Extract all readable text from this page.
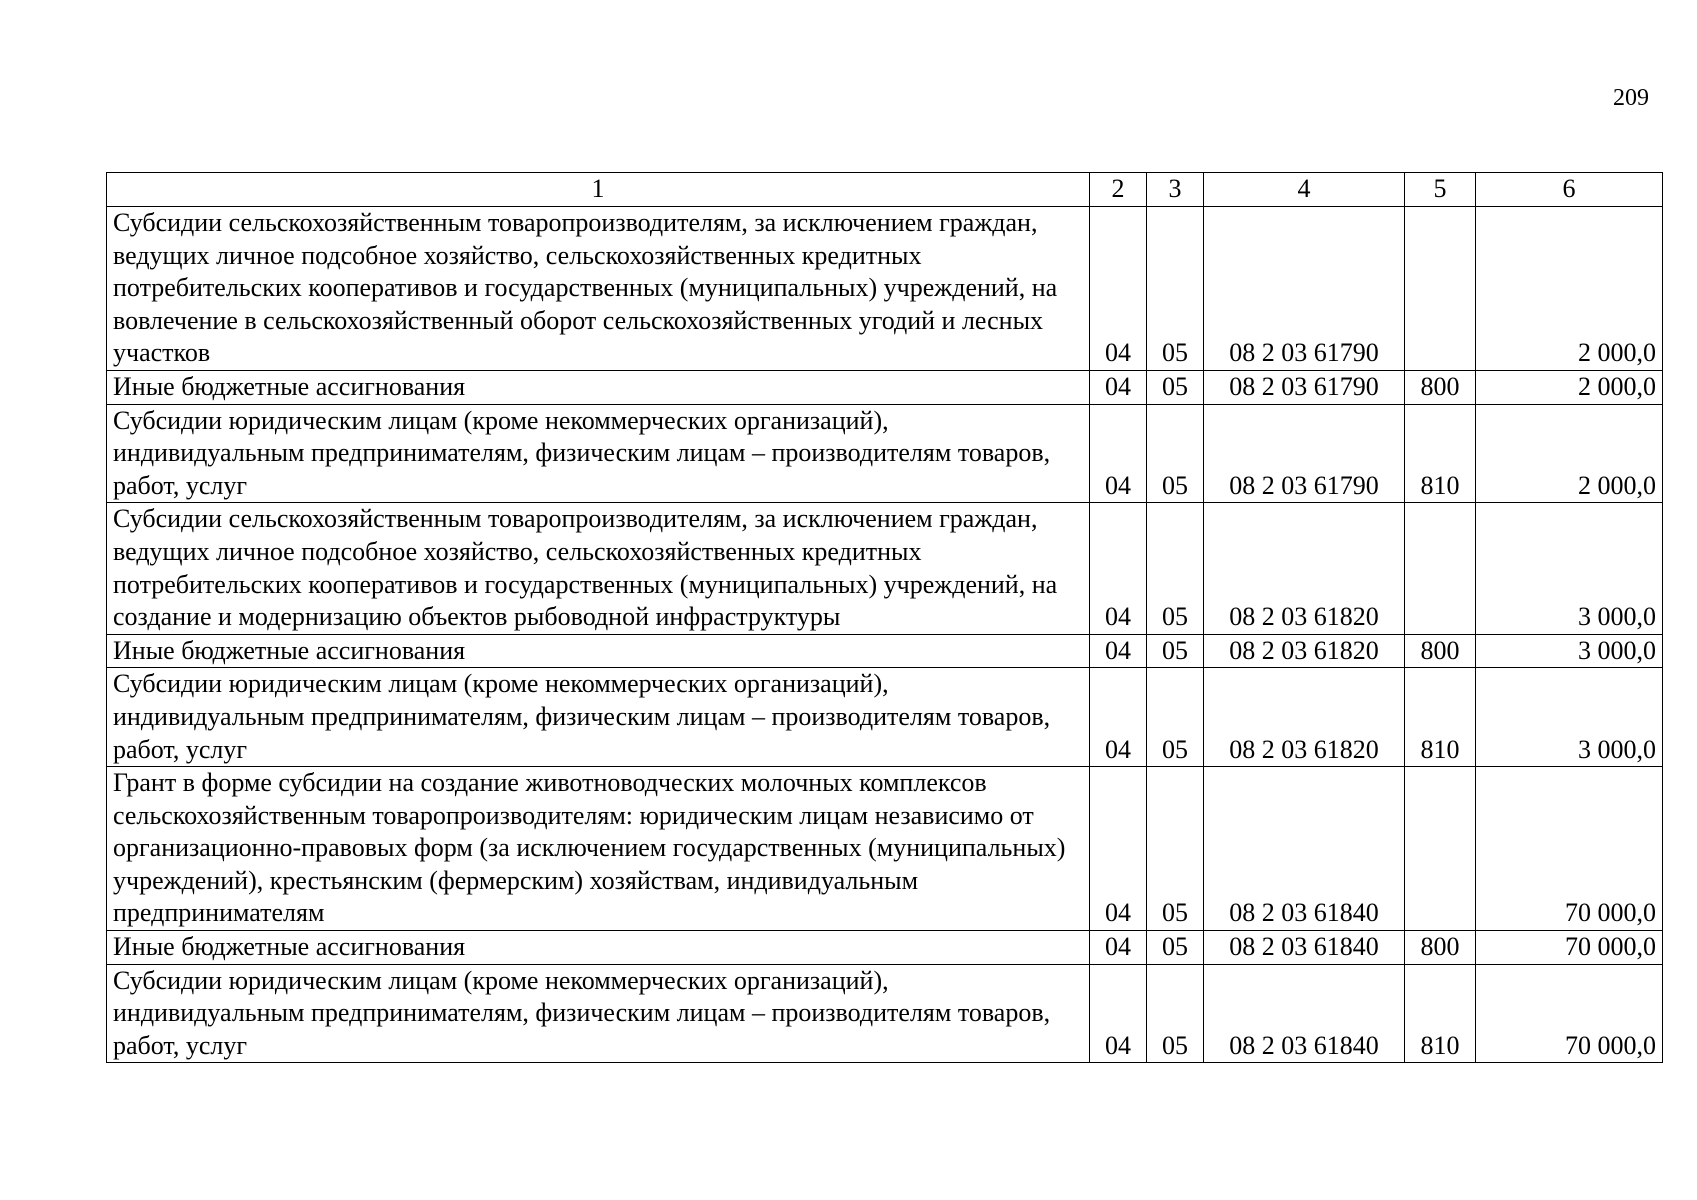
209
1	2	3	4	5	6
Субсидии сельскохозяйственным товаропроизводителям, за исключением граждан, ведущих личное подсобное хозяйство, сельскохозяйственных кредитных потребительских кооперативов и государственных (муниципальных) учреждений, на вовлечение в сельскохозяйственный оборот сельскохозяйственных угодий и лесных участков	04	05	08 2 03 61790		2 000,0
Иные бюджетные ассигнования	04	05	08 2 03 61790	800	2 000,0
Субсидии юридическим лицам (кроме некоммерческих организаций), индивидуальным предпринимателям, физическим лицам – производителям товаров, работ, услуг	04	05	08 2 03 61790	810	2 000,0
Субсидии сельскохозяйственным товаропроизводителям, за исключением граждан, ведущих личное подсобное хозяйство, сельскохозяйственных кредитных потребительских кооперативов и государственных (муниципальных) учреждений, на создание и модернизацию объектов рыбоводной инфраструктуры	04	05	08 2 03 61820		3 000,0
Иные бюджетные ассигнования	04	05	08 2 03 61820	800	3 000,0
Субсидии юридическим лицам (кроме некоммерческих организаций), индивидуальным предпринимателям, физическим лицам – производителям товаров, работ, услуг	04	05	08 2 03 61820	810	3 000,0
Грант в форме субсидии на создание животноводческих молочных комплексов сельскохозяйственным товаропроизводителям: юридическим лицам независимо от организационно-правовых форм (за исключением государственных (муниципальных) учреждений), крестьянским (фермерским) хозяйствам, индивидуальным предпринимателям	04	05	08 2 03 61840		70 000,0
Иные бюджетные ассигнования	04	05	08 2 03 61840	800	70 000,0
Субсидии юридическим лицам (кроме некоммерческих организаций), индивидуальным предпринимателям, физическим лицам – производителям товаров, работ, услуг	04	05	08 2 03 61840	810	70 000,0
